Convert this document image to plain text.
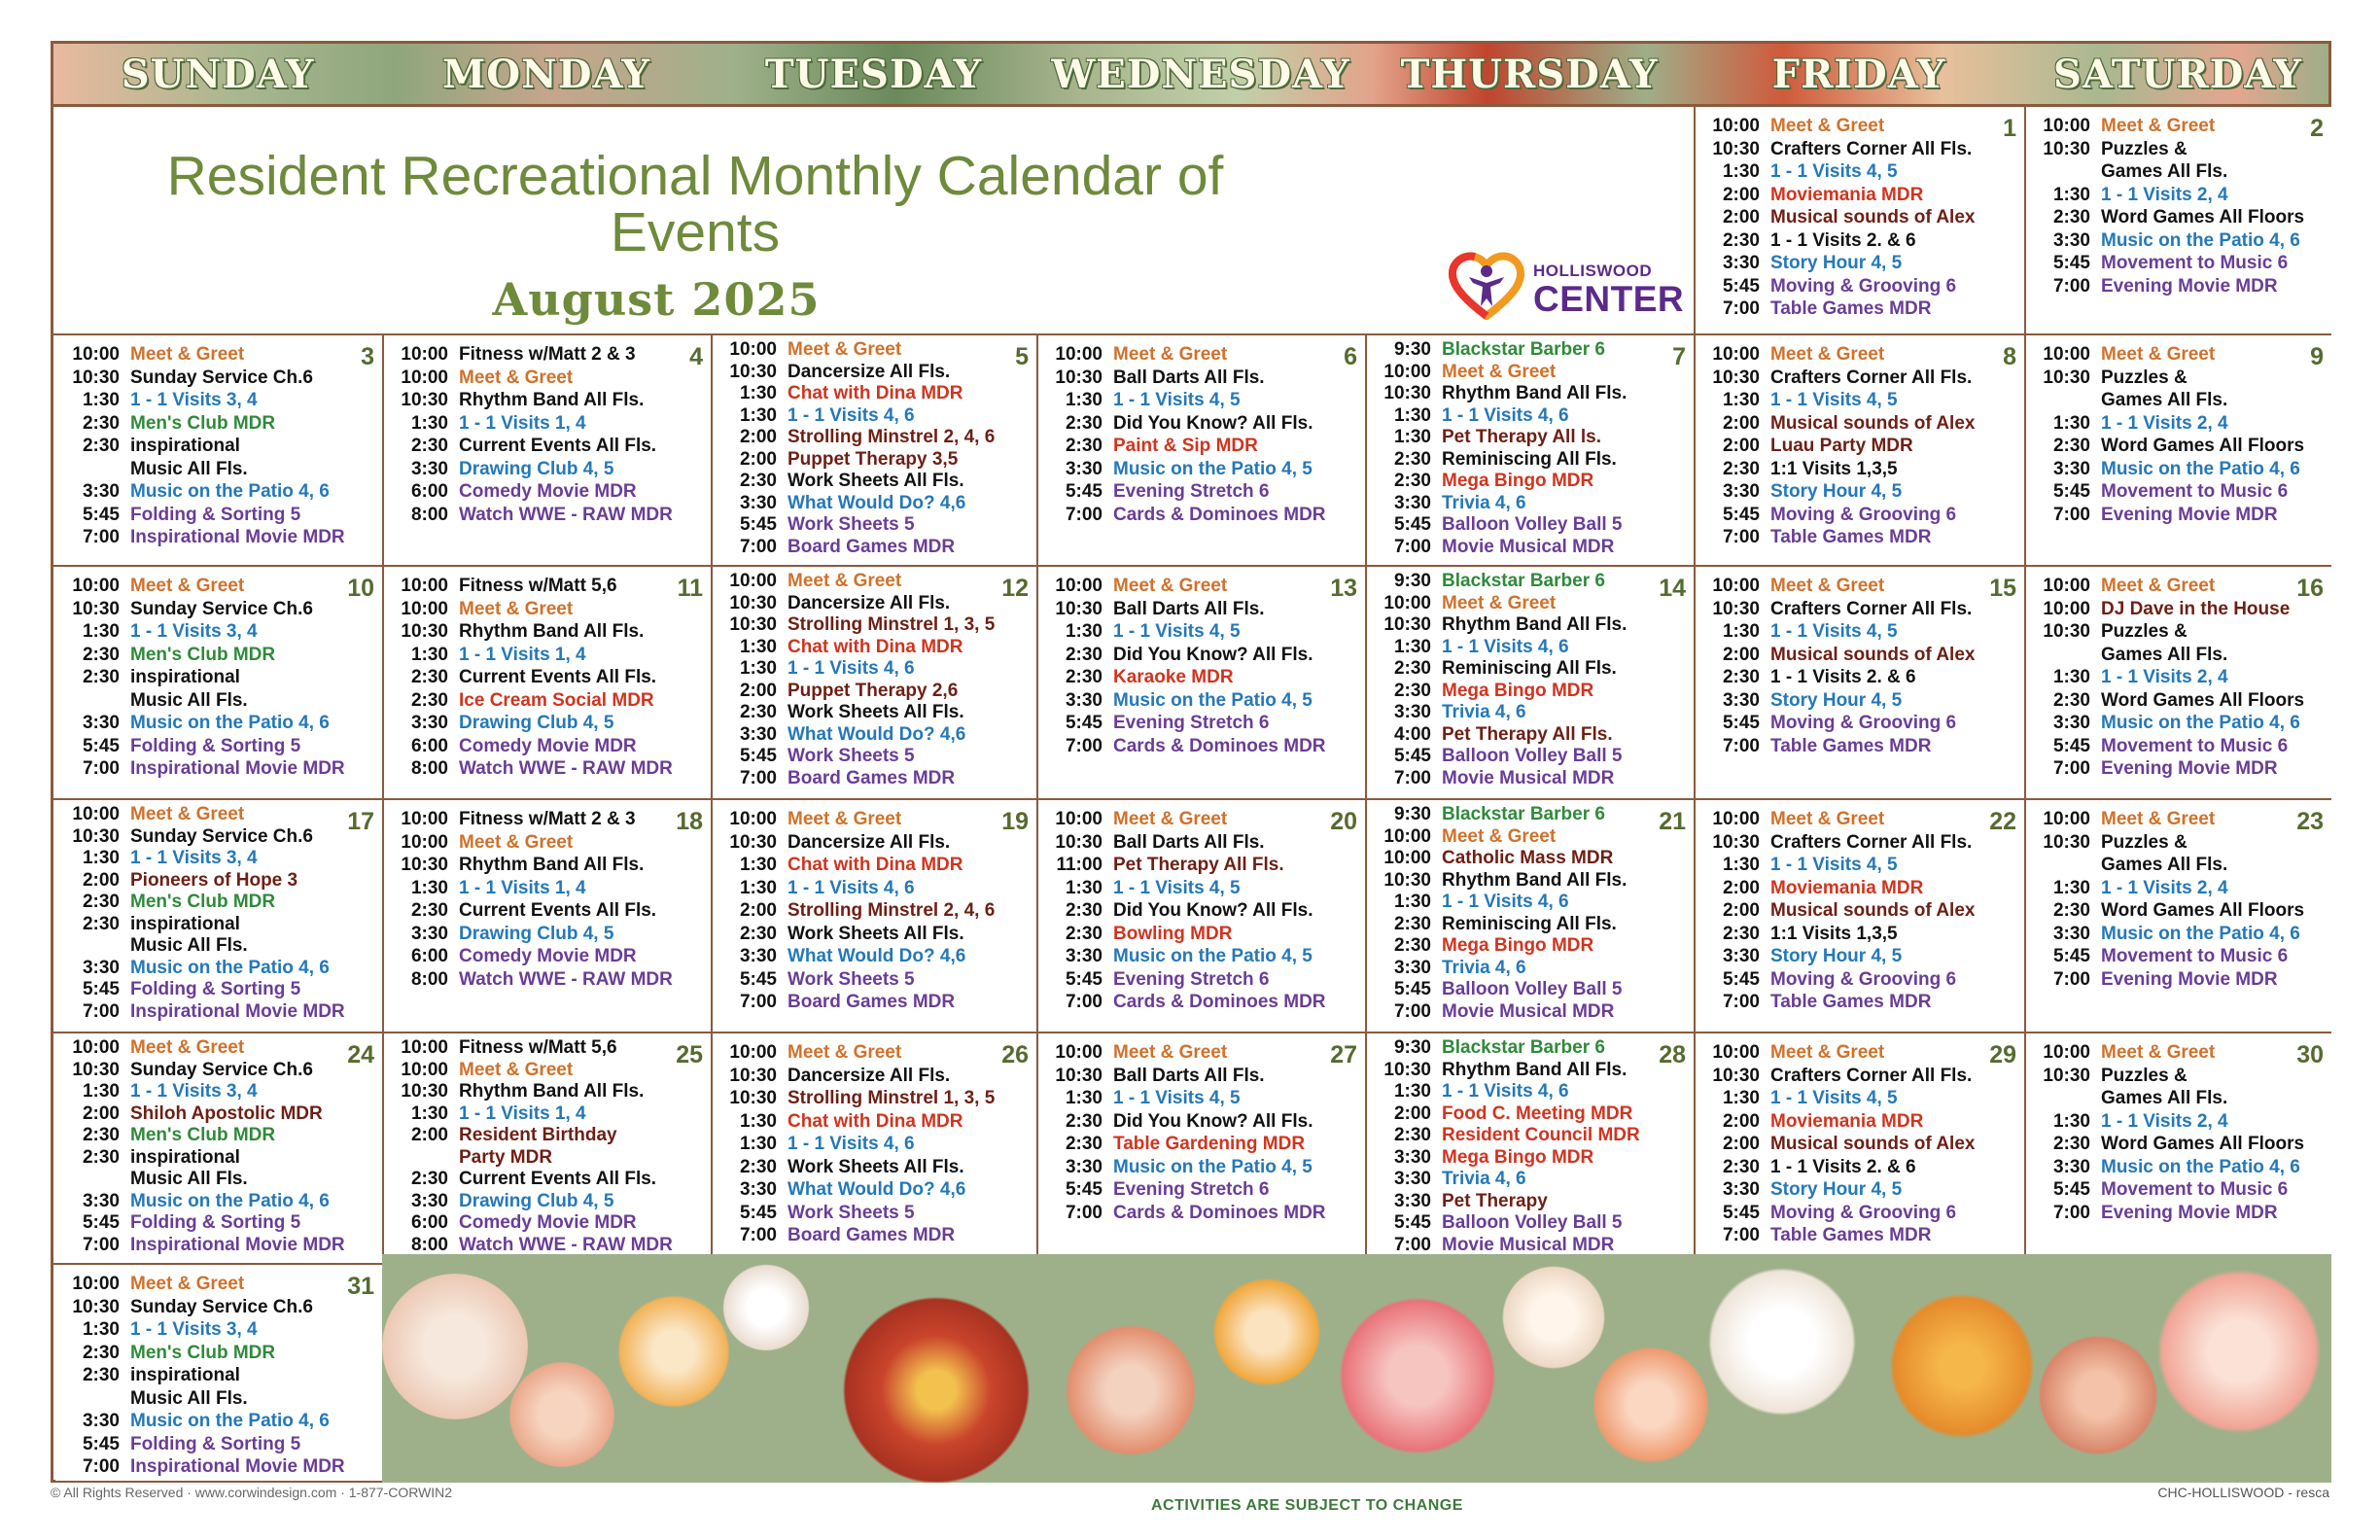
SUNDAY	MONDAY	TUESDAY	WEDNESDAY	THURSDAY	FRIDAY	SATURDAY
Resident Recreational Monthly Calendar of Events
August 2025
HOLLISWOOD
CENTER
1
10:00 Meet & Greet
10:30 Crafters Corner All Fls.
1:30 1 - 1 Visits 4, 5
2:00 Moviemania MDR
2:00 Musical sounds of Alex
2:30 1 - 1 Visits 2. & 6
3:30 Story Hour 4, 5
5:45 Moving & Grooving 6
7:00 Table Games MDR
2
10:00 Meet & Greet
10:30 Puzzles &
Games All Fls.
1:30 1 - 1 Visits 2, 4
2:30 Word Games All Floors
3:30 Music on the Patio 4, 6
5:45 Movement to Music 6
7:00 Evening Movie MDR
3
10:00 Meet & Greet
10:30 Sunday Service Ch.6
1:30 1 - 1 Visits 3, 4
2:30 Men's Club MDR
2:30 inspirational
Music All Fls.
3:30 Music on the Patio 4, 6
5:45 Folding & Sorting 5
7:00 Inspirational Movie MDR
4
10:00 Fitness w/Matt 2 & 3
10:00 Meet & Greet
10:30 Rhythm Band All Fls.
1:30 1 - 1 Visits 1, 4
2:30 Current Events All Fls.
3:30 Drawing Club 4, 5
6:00 Comedy Movie MDR
8:00 Watch WWE - RAW MDR
5
10:00 Meet & Greet
10:30 Dancersize All Fls.
1:30 Chat with Dina MDR
1:30 1 - 1 Visits 4, 6
2:00 Strolling Minstrel 2, 4, 6
2:00 Puppet Therapy 3,5
2:30 Work Sheets All Fls.
3:30 What Would Do? 4,6
5:45 Work Sheets 5
7:00 Board Games MDR
6
10:00 Meet & Greet
10:30 Ball Darts All Fls.
1:30 1 - 1 Visits 4, 5
2:30 Did You Know? All Fls.
2:30 Paint & Sip MDR
3:30 Music on the Patio 4, 5
5:45 Evening Stretch 6
7:00 Cards & Dominoes MDR
7
9:30 Blackstar Barber 6
10:00 Meet & Greet
10:30 Rhythm Band All Fls.
1:30 1 - 1 Visits 4, 6
1:30 Pet Therapy All ls.
2:30 Reminiscing All Fls.
2:30 Mega Bingo MDR
3:30 Trivia 4, 6
5:45 Balloon Volley Ball 5
7:00 Movie Musical MDR
8
10:00 Meet & Greet
10:30 Crafters Corner All Fls.
1:30 1 - 1 Visits 4, 5
2:00 Musical sounds of Alex
2:00 Luau Party MDR
2:30 1:1 Visits 1,3,5
3:30 Story Hour 4, 5
5:45 Moving & Grooving 6
7:00 Table Games MDR
9
10:00 Meet & Greet
10:30 Puzzles &
Games All Fls.
1:30 1 - 1 Visits 2, 4
2:30 Word Games All Floors
3:30 Music on the Patio 4, 6
5:45 Movement to Music 6
7:00 Evening Movie MDR
10
10:00 Meet & Greet
10:30 Sunday Service Ch.6
1:30 1 - 1 Visits 3, 4
2:30 Men's Club MDR
2:30 inspirational
Music All Fls.
3:30 Music on the Patio 4, 6
5:45 Folding & Sorting 5
7:00 Inspirational Movie MDR
11
10:00 Fitness w/Matt 5,6
10:00 Meet & Greet
10:30 Rhythm Band All Fls.
1:30 1 - 1 Visits 1, 4
2:30 Current Events All Fls.
2:30 Ice Cream Social MDR
3:30 Drawing Club 4, 5
6:00 Comedy Movie MDR
8:00 Watch WWE - RAW MDR
12
10:00 Meet & Greet
10:30 Dancersize All Fls.
10:30 Strolling Minstrel 1, 3, 5
1:30 Chat with Dina MDR
1:30 1 - 1 Visits 4, 6
2:00 Puppet Therapy 2,6
2:30 Work Sheets All Fls.
3:30 What Would Do? 4,6
5:45 Work Sheets 5
7:00 Board Games MDR
13
10:00 Meet & Greet
10:30 Ball Darts All Fls.
1:30 1 - 1 Visits 4, 5
2:30 Did You Know? All Fls.
2:30 Karaoke MDR
3:30 Music on the Patio 4, 5
5:45 Evening Stretch 6
7:00 Cards & Dominoes MDR
14
9:30 Blackstar Barber 6
10:00 Meet & Greet
10:30 Rhythm Band All Fls.
1:30 1 - 1 Visits 4, 6
2:30 Reminiscing All Fls.
2:30 Mega Bingo MDR
3:30 Trivia 4, 6
4:00 Pet Therapy All Fls.
5:45 Balloon Volley Ball 5
7:00 Movie Musical MDR
15
10:00 Meet & Greet
10:30 Crafters Corner All Fls.
1:30 1 - 1 Visits 4, 5
2:00 Musical sounds of Alex
2:30 1 - 1 Visits 2. & 6
3:30 Story Hour 4, 5
5:45 Moving & Grooving 6
7:00 Table Games MDR
16
10:00 Meet & Greet
10:00 DJ Dave in the House
10:30 Puzzles &
Games All Fls.
1:30 1 - 1 Visits 2, 4
2:30 Word Games All Floors
3:30 Music on the Patio 4, 6
5:45 Movement to Music 6
7:00 Evening Movie MDR
17
10:00 Meet & Greet
10:30 Sunday Service Ch.6
1:30 1 - 1 Visits 3, 4
2:00 Pioneers of Hope 3
2:30 Men's Club MDR
2:30 inspirational
Music All Fls.
3:30 Music on the Patio 4, 6
5:45 Folding & Sorting 5
7:00 Inspirational Movie MDR
18
10:00 Fitness w/Matt 2 & 3
10:00 Meet & Greet
10:30 Rhythm Band All Fls.
1:30 1 - 1 Visits 1, 4
2:30 Current Events All Fls.
3:30 Drawing Club 4, 5
6:00 Comedy Movie MDR
8:00 Watch WWE - RAW MDR
19
10:00 Meet & Greet
10:30 Dancersize All Fls.
1:30 Chat with Dina MDR
1:30 1 - 1 Visits 4, 6
2:00 Strolling Minstrel 2, 4, 6
2:30 Work Sheets All Fls.
3:30 What Would Do? 4,6
5:45 Work Sheets 5
7:00 Board Games MDR
20
10:00 Meet & Greet
10:30 Ball Darts All Fls.
11:00 Pet Therapy All Fls.
1:30 1 - 1 Visits 4, 5
2:30 Did You Know? All Fls.
2:30 Bowling MDR
3:30 Music on the Patio 4, 5
5:45 Evening Stretch 6
7:00 Cards & Dominoes MDR
21
9:30 Blackstar Barber 6
10:00 Meet & Greet
10:00 Catholic Mass MDR
10:30 Rhythm Band All Fls.
1:30 1 - 1 Visits 4, 6
2:30 Reminiscing All Fls.
2:30 Mega Bingo MDR
3:30 Trivia 4, 6
5:45 Balloon Volley Ball 5
7:00 Movie Musical MDR
22
10:00 Meet & Greet
10:30 Crafters Corner All Fls.
1:30 1 - 1 Visits 4, 5
2:00 Moviemania MDR
2:00 Musical sounds of Alex
2:30 1:1 Visits 1,3,5
3:30 Story Hour 4, 5
5:45 Moving & Grooving 6
7:00 Table Games MDR
23
10:00 Meet & Greet
10:30 Puzzles &
Games All Fls.
1:30 1 - 1 Visits 2, 4
2:30 Word Games All Floors
3:30 Music on the Patio 4, 6
5:45 Movement to Music 6
7:00 Evening Movie MDR
24
10:00 Meet & Greet
10:30 Sunday Service Ch.6
1:30 1 - 1 Visits 3, 4
2:00 Shiloh Apostolic MDR
2:30 Men's Club MDR
2:30 inspirational
Music All Fls.
3:30 Music on the Patio 4, 6
5:45 Folding & Sorting 5
7:00 Inspirational Movie MDR
25
10:00 Fitness w/Matt 5,6
10:00 Meet & Greet
10:30 Rhythm Band All Fls.
1:30 1 - 1 Visits 1, 4
2:00 Resident Birthday
Party MDR
2:30 Current Events All Fls.
3:30 Drawing Club 4, 5
6:00 Comedy Movie MDR
8:00 Watch WWE - RAW MDR
26
10:00 Meet & Greet
10:30 Dancersize All Fls.
10:30 Strolling Minstrel 1, 3, 5
1:30 Chat with Dina MDR
1:30 1 - 1 Visits 4, 6
2:30 Work Sheets All Fls.
3:30 What Would Do? 4,6
5:45 Work Sheets 5
7:00 Board Games MDR
27
10:00 Meet & Greet
10:30 Ball Darts All Fls.
1:30 1 - 1 Visits 4, 5
2:30 Did You Know? All Fls.
2:30 Table Gardening MDR
3:30 Music on the Patio 4, 5
5:45 Evening Stretch 6
7:00 Cards & Dominoes MDR
28
9:30 Blackstar Barber 6
10:30 Rhythm Band All Fls.
1:30 1 - 1 Visits 4, 6
2:00 Food C. Meeting MDR
2:30 Resident Council MDR
3:30 Mega Bingo MDR
3:30 Trivia 4, 6
3:30 Pet Therapy
5:45 Balloon Volley Ball 5
7:00 Movie Musical MDR
29
10:00 Meet & Greet
10:30 Crafters Corner All Fls.
1:30 1 - 1 Visits 4, 5
2:00 Moviemania MDR
2:00 Musical sounds of Alex
2:30 1 - 1 Visits 2. & 6
3:30 Story Hour 4, 5
5:45 Moving & Grooving 6
7:00 Table Games MDR
30
10:00 Meet & Greet
10:30 Puzzles &
Games All Fls.
1:30 1 - 1 Visits 2, 4
2:30 Word Games All Floors
3:30 Music on the Patio 4, 6
5:45 Movement to Music 6
7:00 Evening Movie MDR
31
10:00 Meet & Greet
10:30 Sunday Service Ch.6
1:30 1 - 1 Visits 3, 4
2:30 Men's Club MDR
2:30 inspirational
Music All Fls.
3:30 Music on the Patio 4, 6
5:45 Folding & Sorting 5
7:00 Inspirational Movie MDR
© All Rights Reserved · www.corwindesign.com · 1-877-CORWIN2
ACTIVITIES ARE SUBJECT TO CHANGE
CHC-HOLLISWOOD - resca
